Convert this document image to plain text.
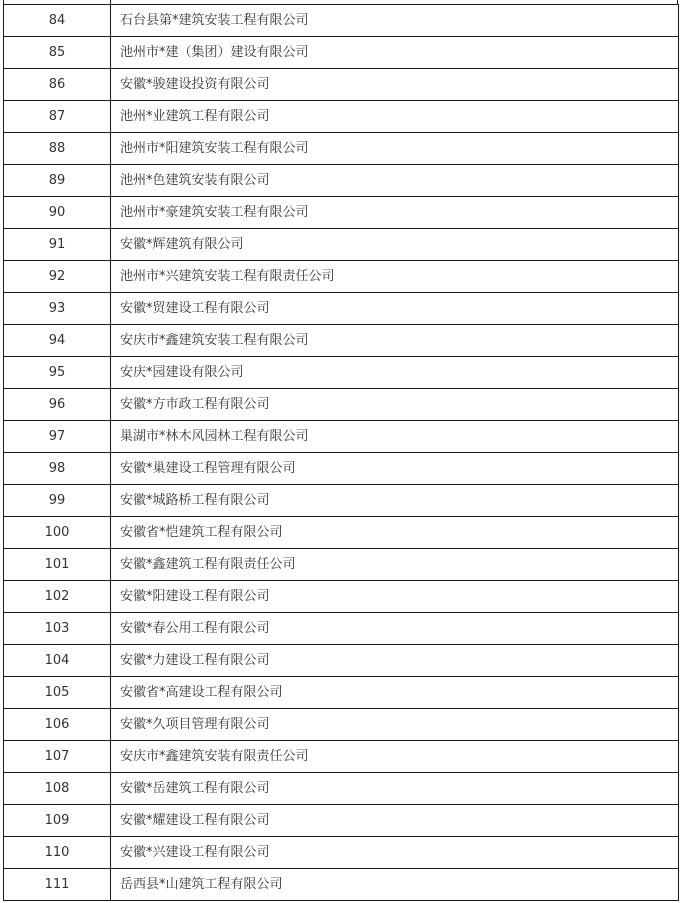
84	石台县第*建筑安装工程有限公司
85	池州市*建（集团）建设有限公司
86	安徽*骏建设投资有限公司
87	池州*业建筑工程有限公司
88	池州市*阳建筑安装工程有限公司
89	池州*色建筑安装有限公司
90	池州市*豪建筑安装工程有限公司
91	安徽*辉建筑有限公司
92	池州市*兴建筑安装工程有限责任公司
93	安徽*贸建设工程有限公司
94	安庆市*鑫建筑安装工程有限公司
95	安庆*园建设有限公司
96	安徽*方市政工程有限公司
97	巢湖市*林木风园林工程有限公司
98	安徽*巢建设工程管理有限公司
99	安徽*城路桥工程有限公司
100	安徽省*恺建筑工程有限公司
101	安徽*鑫建筑工程有限责任公司
102	安徽*阳建设工程有限公司
103	安徽*春公用工程有限公司
104	安徽*力建设工程有限公司
105	安徽省*高建设工程有限公司
106	安徽*久项目管理有限公司
107	安庆市*鑫建筑安装有限责任公司
108	安徽*岳建筑工程有限公司
109	安徽*耀建设工程有限公司
110	安徽*兴建设工程有限公司
111	岳西县*山建筑工程有限公司
